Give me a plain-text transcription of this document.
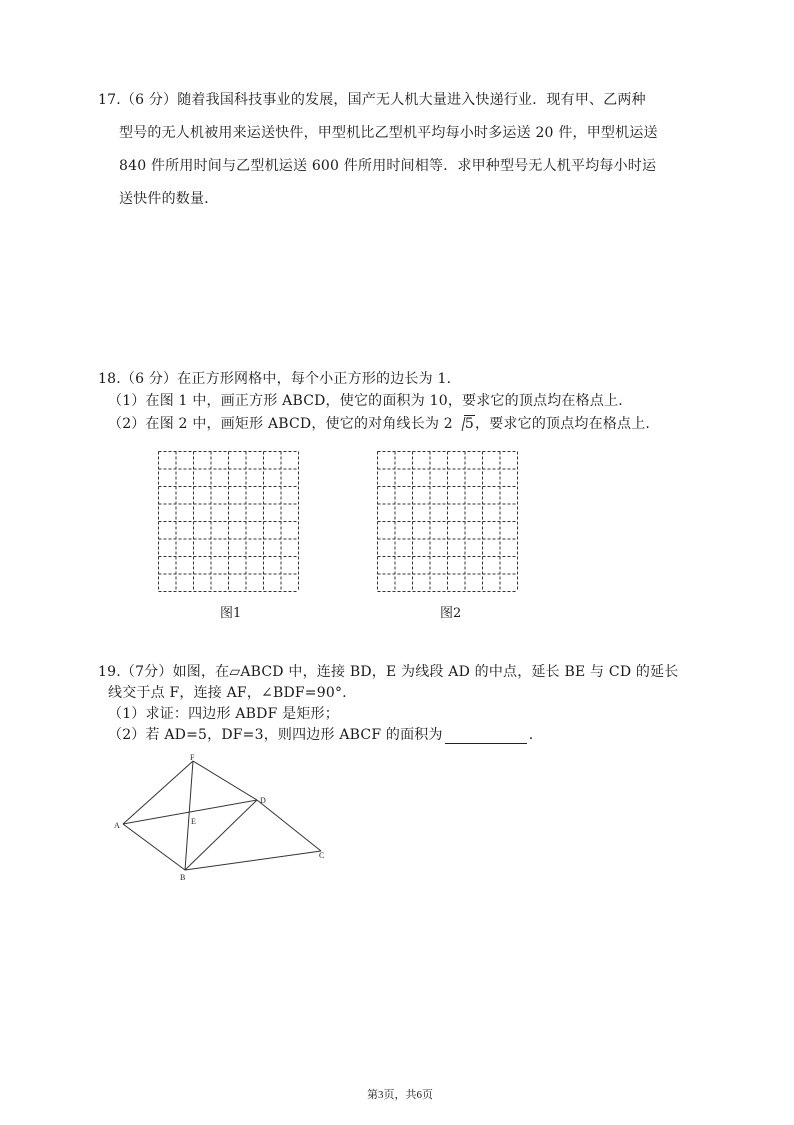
17.（6 分）随着我国科技事业的发展，国产无人机大量进入快递行业．现有甲、乙两种
型号的无人机被用来运送快件，甲型机比乙型机平均每小时多运送 20 件，甲型机运送
840 件所用时间与乙型机运送 600 件所用时间相等．求甲种型号无人机平均每小时运
送快件的数量．
18.（6 分）在正方形网格中，每个小正方形的边长为 1.
（1）在图 1 中，画正方形 ABCD，使它的面积为 10，要求它的顶点均在格点上.
（2）在图 2 中，画矩形 ABCD，使它的对角线长为 2 5，要求它的顶点均在格点上.
图1	图2
19.（7分）如图，在▱ABCD 中，连接 BD，E 为线段 AD 的中点，延长 BE 与 CD 的延长
线交于点 F，连接 AF，∠BDF=90°.
（1）求证：四边形 ABDF 是矩形；
（2）若 AD=5，DF=3，则四边形 ABCF 的面积为	.
F
A	E
D
C
B
第3页，共6页
